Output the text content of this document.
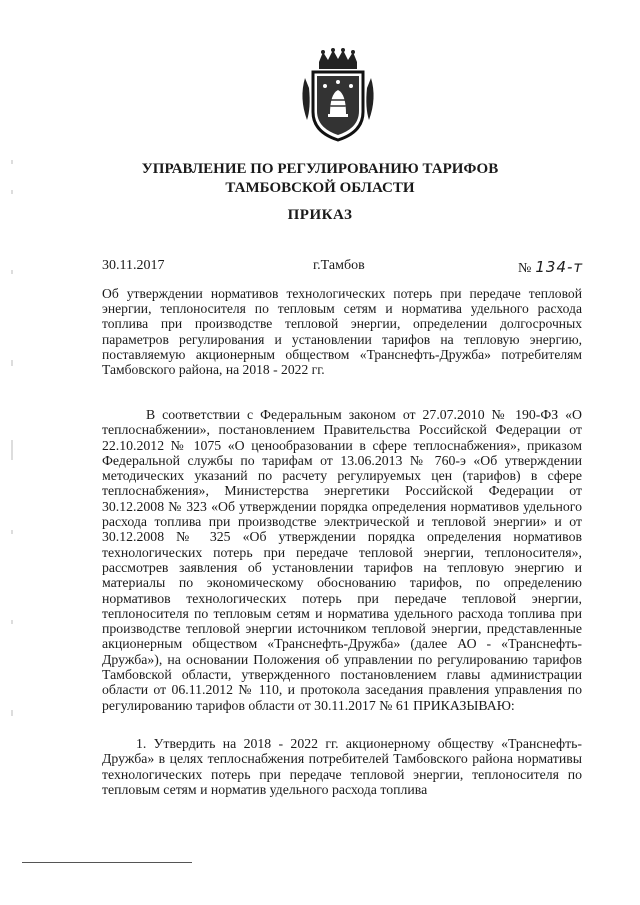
УПРАВЛЕНИЕ ПО РЕГУЛИРОВАНИЮ ТАРИФОВ
ТАМБОВСКОЙ ОБЛАСТИ
ПРИКАЗ
30.11.2017	г.Тамбов	№ 134-т
Об утверждении нормативов технологических потерь при передаче тепловой энергии, теплоносителя по тепловым сетям и норматива удельного расхода топлива при производстве тепловой энергии, определении долгосрочных параметров регулирования и установлении тарифов на тепловую энергию, поставляемую акционерным обществом «Транснефть-Дружба» потребителям Тамбовского района, на 2018 - 2022 гг.
В соответствии с Федеральным законом от 27.07.2010 № 190-ФЗ «О теплоснабжении», постановлением Правительства Российской Федерации от 22.10.2012 № 1075 «О ценообразовании в сфере теплоснабжения», приказом Федеральной службы по тарифам от 13.06.2013 № 760-э «Об утверждении методических указаний по расчету регулируемых цен (тарифов) в сфере теплоснабжения», Министерства энергетики Российской Федерации от 30.12.2008 № 323 «Об утверждении порядка определения нормативов удельного расхода топлива при производстве электрической и тепловой энергии» и от 30.12.2008 № 325 «Об утверждении порядка определения нормативов технологических потерь при передаче тепловой энергии, теплоносителя», рассмотрев заявления об установлении тарифов на тепловую энергию и материалы по экономическому обоснованию тарифов, по определению нормативов технологических потерь при передаче тепловой энергии, теплоносителя по тепловым сетям и норматива удельного расхода топлива при производстве тепловой энергии источником тепловой энергии, представленные акционерным обществом «Транснефть-Дружба» (далее АО - «Транснефть-Дружба»), на основании Положения об управлении по регулированию тарифов Тамбовской области, утвержденного постановлением главы администрации области от 06.11.2012 № 110, и протокола заседания правления управления по регулированию тарифов области от 30.11.2017 № 61 ПРИКАЗЫВАЮ:
1. Утвердить на 2018 - 2022 гг. акционерному обществу «Транснефть-Дружба» в целях теплоснабжения потребителей Тамбовского района нормативы технологических потерь при передаче тепловой энергии, теплоносителя по тепловым сетям и норматив удельного расхода топлива
